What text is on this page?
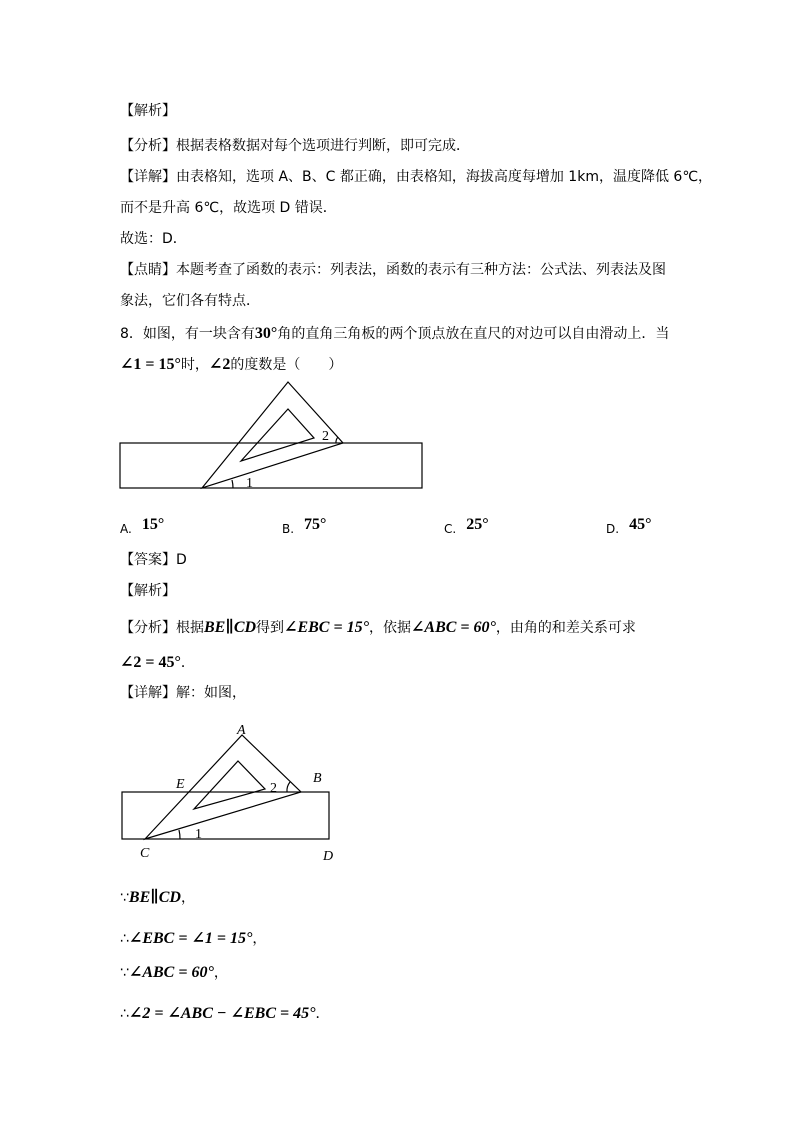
【解析】
【分析】根据表格数据对每个选项进行判断，即可完成．
【详解】由表格知，选项 A、B、C 都正确，由表格知，海拔高度每增加 1km，温度降低 6℃，
而不是升高 6℃，故选项 D 错误．
故选：D．
【点睛】本题考查了函数的表示：列表法，函数的表示有三种方法：公式法、列表法及图
象法，它们各有特点．
8．如图，有一块含有30°角的直角三角板的两个顶点放在直尺的对边可以自由滑动上．当
∠1 = 15°时，∠2的度数是（　　）
【答案】D
【解析】
【分析】根据BE∥CD得到∠EBC = 15°，依据∠ABC = 60°，由角的和差关系可求
∠2 = 45°．
【详解】解：如图，
∵BE∥CD，
∴∠EBC = ∠1 = 15°，
∵∠ABC = 60°，
∴∠2 = ∠ABC − ∠EBC = 45°．
A. 15°	B. 75°	C. 25°	D. 45°
1
2
A
E	B
C	D
2
1
